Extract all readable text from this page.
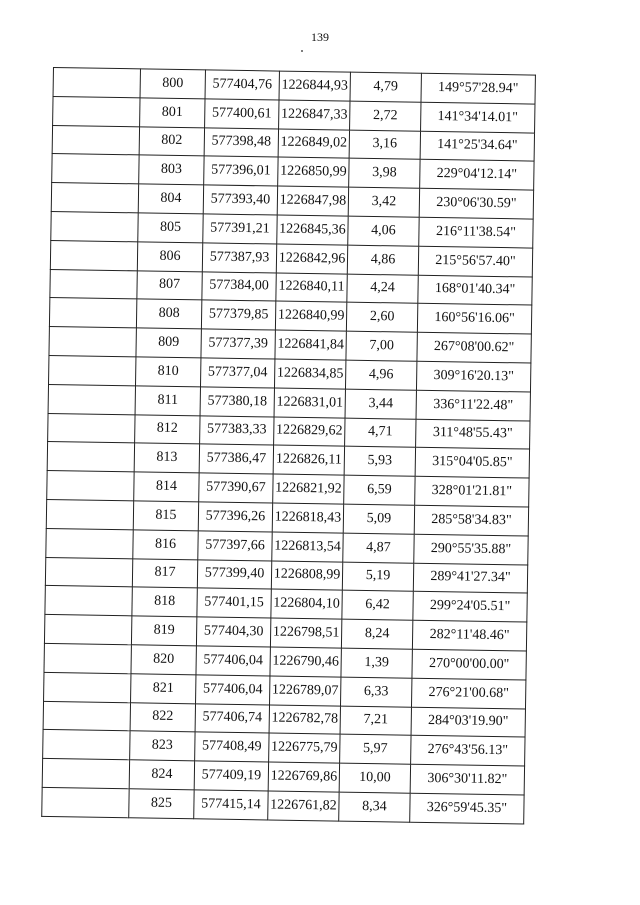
139
	800	577404,76	1226844,93	4,79	149°57'28.94"
	801	577400,61	1226847,33	2,72	141°34'14.01"
	802	577398,48	1226849,02	3,16	141°25'34.64"
	803	577396,01	1226850,99	3,98	229°04'12.14"
	804	577393,40	1226847,98	3,42	230°06'30.59"
	805	577391,21	1226845,36	4,06	216°11'38.54"
	806	577387,93	1226842,96	4,86	215°56'57.40"
	807	577384,00	1226840,11	4,24	168°01'40.34"
	808	577379,85	1226840,99	2,60	160°56'16.06"
	809	577377,39	1226841,84	7,00	267°08'00.62"
	810	577377,04	1226834,85	4,96	309°16'20.13"
	811	577380,18	1226831,01	3,44	336°11'22.48"
	812	577383,33	1226829,62	4,71	311°48'55.43"
	813	577386,47	1226826,11	5,93	315°04'05.85"
	814	577390,67	1226821,92	6,59	328°01'21.81"
	815	577396,26	1226818,43	5,09	285°58'34.83"
	816	577397,66	1226813,54	4,87	290°55'35.88"
	817	577399,40	1226808,99	5,19	289°41'27.34"
	818	577401,15	1226804,10	6,42	299°24'05.51"
	819	577404,30	1226798,51	8,24	282°11'48.46"
	820	577406,04	1226790,46	1,39	270°00'00.00"
	821	577406,04	1226789,07	6,33	276°21'00.68"
	822	577406,74	1226782,78	7,21	284°03'19.90"
	823	577408,49	1226775,79	5,97	276°43'56.13"
	824	577409,19	1226769,86	10,00	306°30'11.82"
	825	577415,14	1226761,82	8,34	326°59'45.35"
